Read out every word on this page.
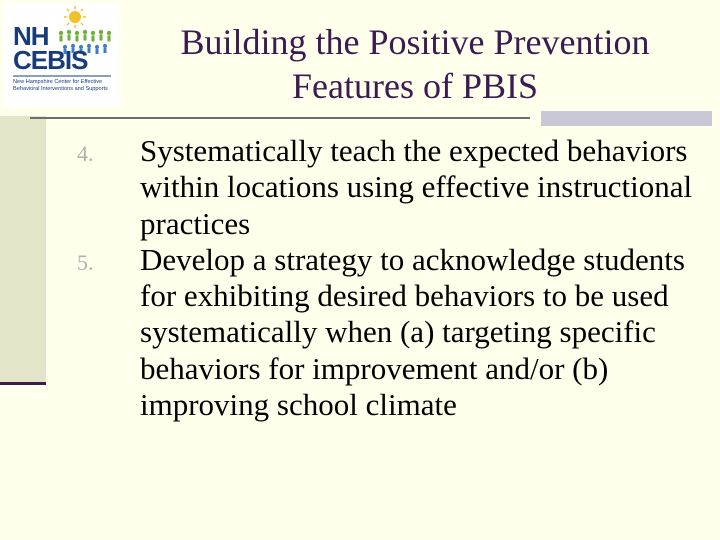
NH
CEBIS
New Hampshire Center for Effective Behavioral Interventions and Supports
Building the Positive Prevention
Features of PBIS
4. Systematically teach the expected behaviors within locations using effective instructional practices
5. Develop a strategy to acknowledge students for exhibiting desired behaviors to be used systematically when (a) targeting specific behaviors for improvement and/or (b) improving school climate
